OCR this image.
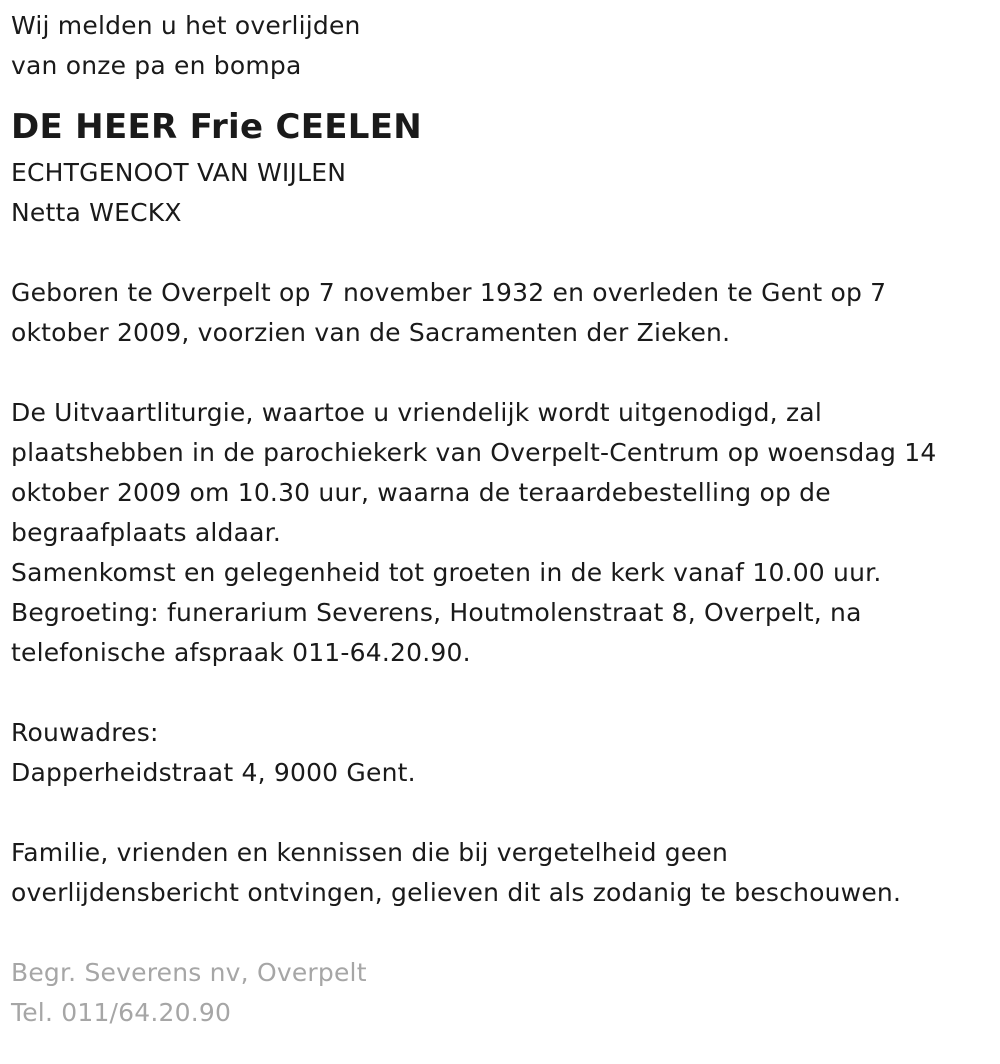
Wij melden u het overlijden
van onze pa en bompa
DE HEER Frie CEELEN
ECHTGENOOT VAN WIJLEN
Netta WECKX
Geboren te Overpelt op 7 november 1932 en overleden te Gent op 7
oktober 2009, voorzien van de Sacramenten der Zieken.
De Uitvaartliturgie, waartoe u vriendelijk wordt uitgenodigd, zal
plaatshebben in de parochiekerk van Overpelt-Centrum op woensdag 14
oktober 2009 om 10.30 uur, waarna de teraardebestelling op de
begraafplaats aldaar.
Samenkomst en gelegenheid tot groeten in de kerk vanaf 10.00 uur.
Begroeting: funerarium Severens, Houtmolenstraat 8, Overpelt, na
telefonische afspraak 011-64.20.90.
Rouwadres:
Dapperheidstraat 4, 9000 Gent.
Familie, vrienden en kennissen die bij vergetelheid geen
overlijdensbericht ontvingen, gelieven dit als zodanig te beschouwen.
Begr. Severens nv, Overpelt
Tel. 011/64.20.90
